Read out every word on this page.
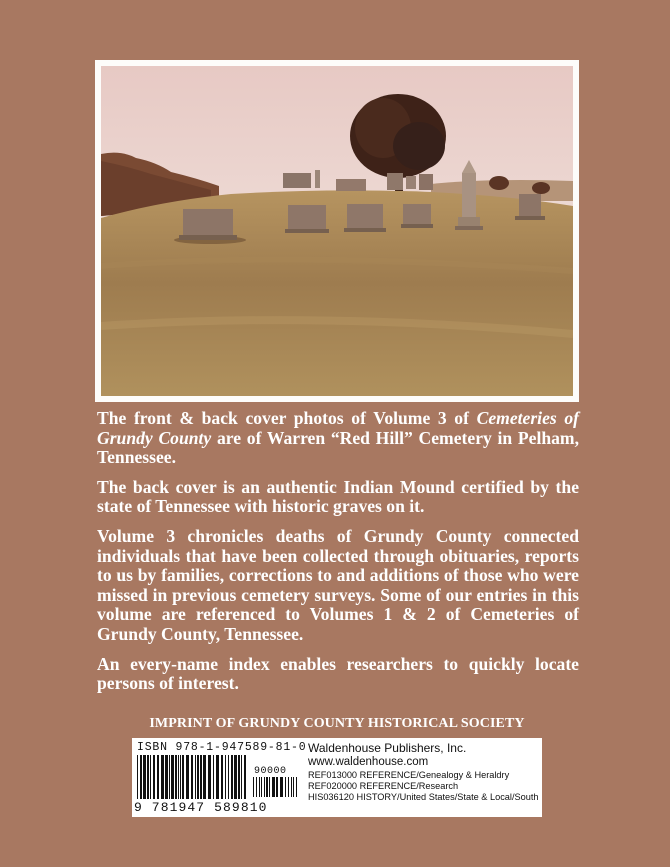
The front & back cover photos of Volume 3 of Cemeteries of Grundy County are of Warren “Red Hill” Cemetery in Pelham, Tennessee.

The back cover is an authentic Indian Mound certified by the state of Tennessee with historic graves on it.

Volume 3 chronicles deaths of Grundy County connected individuals that have been collected through obituaries, reports to us by families, corrections to and additions of those who were missed in previous cemetery surveys. Some of our entries in this volume are referenced to Volumes 1 & 2 of Cemeteries of Grundy County, Tennessee.

An every-name index enables researchers to quickly locate persons of interest.

IMPRINT OF GRUNDY COUNTY HISTORICAL SOCIETY
ISBN 978-1-947589-81-0
9 781947 589810
90000
Waldenhouse Publishers, Inc.
www.waldenhouse.com
REF013000 REFERENCE/Genealogy & Heraldry
REF020000 REFERENCE/Research
HIS036120 HISTORY/United States/State & Local/South
